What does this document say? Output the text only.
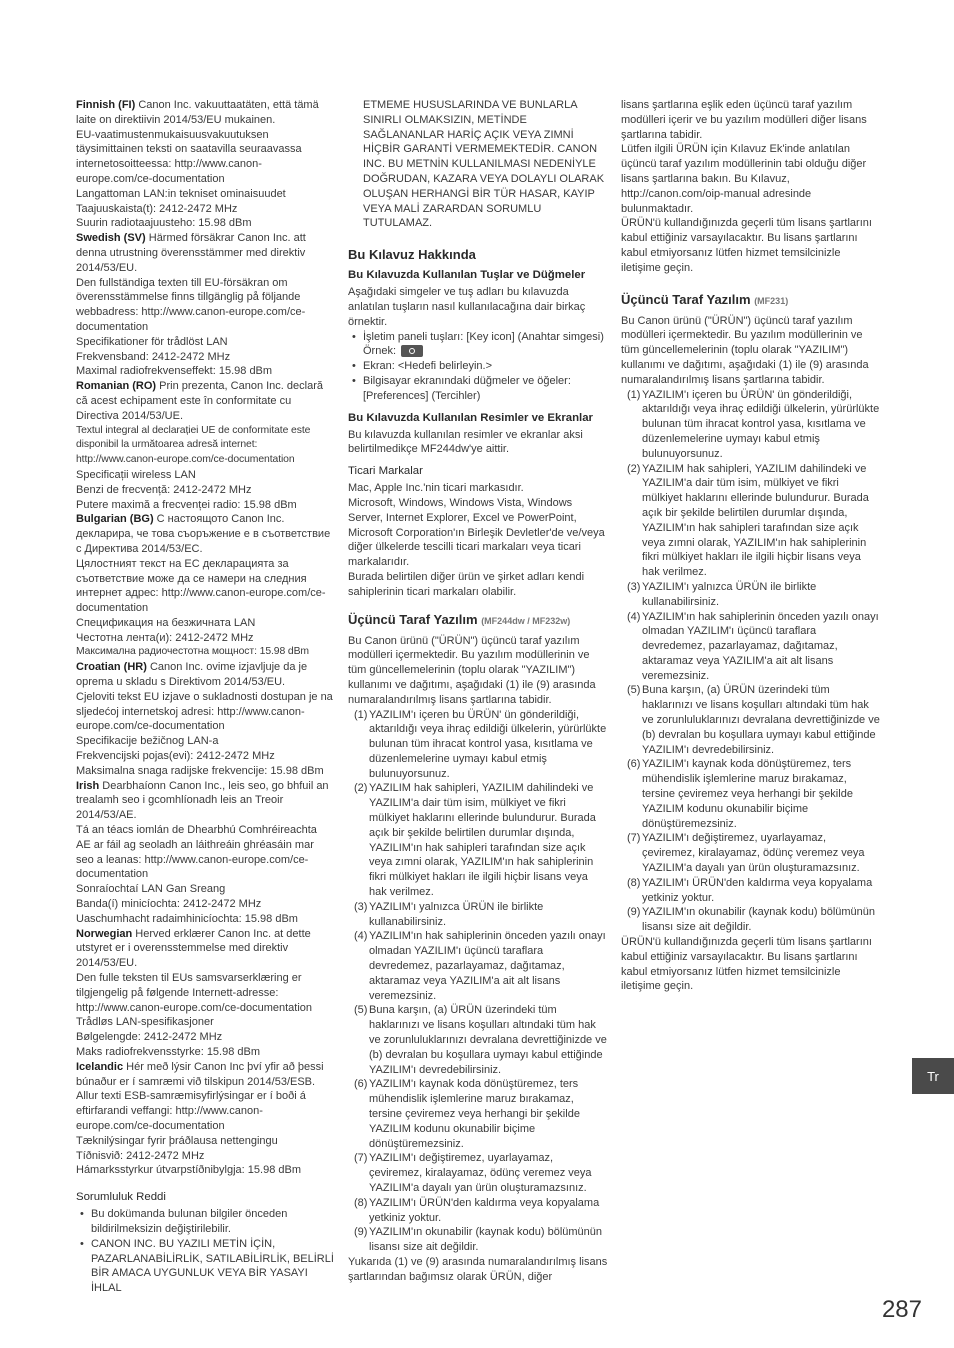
Finnish (FI) Canon Inc. vakuuttaatäten, että tämä laite on direktiivin 2014/53/EU mukainen.

EU-vaatimustenmukaisuusvakuutuksen täysimittainen teksti on saatavilla seuraavassa internetosoitteessa: http://www.canon-europe.com/ce-documentation

Langattoman LAN:in tekniset ominaisuudet

Taajuuskaista(t): 2412-2472 MHz

Suurin radiotaajuusteho: 15.98 dBm

Swedish (SV) Härmed försäkrar Canon Inc. att denna utrustning överensstämmer med direktiv 2014/53/EU.

Den fullständiga texten till EU-försäkran om överensstämmelse finns tillgänglig på följande webbadress: http://www.canon-europe.com/ce-documentation

Specifikationer för trådlöst LAN

Frekvensband: 2412-2472 MHz

Maximal radiofrekvenseffekt: 15.98 dBm

Romanian (RO) Prin prezenta, Canon Inc. declară că acest echipament este în conformitate cu Directiva 2014/53/UE.

Textul integral al declarației UE de conformitate este disponibil la următoarea adresă internet: http://www.canon-europe.com/ce-documentation

Specificații wireless LAN

Benzi de frecvență: 2412-2472 MHz

Putere maximă a frecvenței radio: 15.98 dBm

Bulgarian (BG) С настоящото Canon Inc. декларира, че това съоръжение е в съответствие с Директива 2014/53/ЕС.

Цялостният текст на ЕС декларацията за съответствие може да се намери на следния интернет адрес: http://www.canon-europe.com/ce-documentation

Спецификация на безжичната LAN

Честотна лента(и): 2412-2472 MHz

Максимална радиочестотна мощност: 15.98 dBm

Croatian (HR) Canon Inc. ovime izjavljuje da je oprema u skladu s Direktivom 2014/53/EU.

Cjeloviti tekst EU izjave o sukladnosti dostupan je na sljedećoj internetskoj adresi: http://www.canon-europe.com/ce-documentation

Specifikacije bežičnog LAN-a

Frekvencijski pojas(evi): 2412-2472 MHz

Maksimalna snaga radijske frekvencije: 15.98 dBm

Irish Dearbhaíonn Canon Inc., leis seo, go bhfuil an trealamh seo i gcomhlíonadh leis an Treoir 2014/53/AE.

Tá an téacs iomlán de Dhearbhú Comhréireachta AE ar fáil ag seoladh an láithreáin ghréasáin mar seo a leanas: http://www.canon-europe.com/ce-documentation

Sonraíochtaí LAN Gan Sreang

Banda(í) minicíochta: 2412-2472 MHz

Uaschumhacht radaimhinicíochta: 15.98 dBm

Norwegian Herved erklærer Canon Inc. at dette utstyret er i overensstemmelse med direktiv 2014/53/EU.

Den fulle teksten til EUs samsvarserklæring er tilgjengelig på følgende Internett-adresse: http://www.canon-europe.com/ce-documentation

Trådløs LAN-spesifikasjoner

Bølgelengde: 2412-2472 MHz

Maks radiofrekvensstyrke: 15.98 dBm

Icelandic Hér með lýsir Canon Inc því yfir að þessi búnaður er í samræmi við tilskipun 2014/53/ESB.

Allur texti ESB-samræmisyfirlýsingar er í boði á eftirfarandi veffangi: http://www.canon-europe.com/ce-documentation

Tæknilýsingar fyrir þráðlausa nettengingu

Tíðnisvið: 2412-2472 MHz

Hámarksstyrkur útvarpstíðnibylgja: 15.98 dBm

Sorumluluk Reddi
• Bu dokümanda bulunan bilgiler önceden bildirilmeksizin değiştirilebilir.
• CANON INC. BU YAZILI METİN İÇİN, PAZARLANABİLİRLİK, SATILABİLİRLİK, BELİRLİ BİR AMACA UYGUNLUK VEYA BİR YASAYI İHLAL

ETMEME HUSUSLARINDA VE BUNLARLA SINIRLI OLMAKSIZIN, METİNDE SAĞLANANLAR HARİÇ AÇIK VEYA ZIMNİ HİÇBİR GARANTİ VERMEMEKTEDİR. CANON INC. BU METNİN KULLANILMASI NEDENİYLE DOĞRUDAN, KAZARA VEYA DOLAYLI OLARAK OLUŞAN HERHANGİ BİR TÜR HASAR, KAYIP VEYA MALİ ZARARDAN SORUMLU TUTULAMAZ.

Bu Kılavuz Hakkında
Bu Kılavuzda Kullanılan Tuşlar ve Düğmeler

Aşağıdaki simgeler ve tuş adları bu kılavuzda anlatılan tuşların nasıl kullanılacağına dair birkaç örnektir.

• İşletim paneli tuşları: [Key icon] (Anahtar simgesi)
Örnek:
• Ekran: <Hedefi belirleyin.>
• Bilgisayar ekranındaki düğmeler ve öğeler: [Preferences] (Tercihler)
Bu Kılavuzda Kullanılan Resimler ve Ekranlar

Bu kılavuzda kullanılan resimler ve ekranlar aksi belirtilmedikçe MF244dw'ye aittir.

Ticari Markalar

Mac, Apple Inc.'nin ticari markasıdır.

Microsoft, Windows, Windows Vista, Windows Server, Internet Explorer, Excel ve PowerPoint, Microsoft Corporation'ın Birleşik Devletler'de ve/veya diğer ülkelerde tescilli ticari markaları veya ticari markalarıdır.

Burada belirtilen diğer ürün ve şirket adları kendi sahiplerinin ticari markaları olabilir.

Üçüncü Taraf Yazılım (MF244dw / MF232w)

Bu Canon ürünü ("ÜRÜN") üçüncü taraf yazılım modülleri içermektedir. Bu yazılım modüllerinin ve tüm güncellemelerinin (toplu olarak "YAZILIM") kullanımı ve dağıtımı, aşağıdaki (1) ile (9) arasında numaralandırılmış lisans şartlarına tabidir.

(1) YAZILIM'ı içeren bu ÜRÜN' ün gönderildiği, aktarıldığı veya ihraç edildiği ülkelerin, yürürlükte bulunan tüm ihracat kontrol yasa, kısıtlama ve düzenlemelerine uymayı kabul etmiş bulunuyorsunuz.
(2) YAZILIM hak sahipleri, YAZILIM dahilindeki ve YAZILIM'a dair tüm isim, mülkiyet ve fikri mülkiyet haklarını ellerinde bulundurur. Burada açık bir şekilde belirtilen durumlar dışında, YAZILIM'ın hak sahipleri tarafından size açık veya zımni olarak, YAZILIM'ın hak sahiplerinin fikri mülkiyet hakları ile ilgili hiçbir lisans veya hak verilmez.
(3) YAZILIM'ı yalnızca ÜRÜN ile birlikte kullanabilirsiniz.
(4) YAZILIM'ın hak sahiplerinin önceden yazılı onayı olmadan YAZILIM'ı üçüncü taraflara devredemez, pazarlayamaz, dağıtamaz, aktaramaz veya YAZILIM'a ait alt lisans veremezsiniz.
(5) Buna karşın, (a) ÜRÜN üzerindeki tüm haklarınızı ve lisans koşulları altındaki tüm hak ve zorunluluklarınızı devralana devrettiğinizde ve (b) devralan bu koşullara uymayı kabul ettiğinde YAZILIM'ı devredebilirsiniz.
(6) YAZILIM'ı kaynak koda dönüştüremez, ters mühendislik işlemlerine maruz bırakamaz, tersine çeviremez veya herhangi bir şekilde YAZILIM kodunu okunabilir biçime dönüştüremezsiniz.
(7) YAZILIM'ı değiştiremez, uyarlayamaz, çeviremez, kiralayamaz, ödünç veremez veya YAZILIM'a dayalı yan ürün oluşturamazsınız.
(8) YAZILIM'ı ÜRÜN'den kaldırma veya kopyalama yetkiniz yoktur.
(9) YAZILIM'ın okunabilir (kaynak kodu) bölümünün lisansı size ait değildir.

Yukarıda (1) ve (9) arasında numaralandırılmış lisans şartlarından bağımsız olarak ÜRÜN, diğer

lisans şartlarına eşlik eden üçüncü taraf yazılım modülleri içerir ve bu yazılım modülleri diğer lisans şartlarına tabidir.

Lütfen ilgili ÜRÜN için Kılavuz Ek'inde anlatılan üçüncü taraf yazılım modüllerinin tabi olduğu diğer lisans şartlarına bakın. Bu Kılavuz, http://canon.com/oip-manual adresinde bulunmaktadır.

ÜRÜN'ü kullandığınızda geçerli tüm lisans şartlarını kabul ettiğiniz varsayılacaktır. Bu lisans şartlarını kabul etmiyorsanız lütfen hizmet temsilcinizle iletişime geçin.

Üçüncü Taraf Yazılım (MF231)

Bu Canon ürünü ("ÜRÜN") üçüncü taraf yazılım modülleri içermektedir. Bu yazılım modüllerinin ve tüm güncellemelerinin (toplu olarak "YAZILIM") kullanımı ve dağıtımı, aşağıdaki (1) ile (9) arasında numaralandırılmış lisans şartlarına tabidir.

(1) YAZILIM'ı içeren bu ÜRÜN' ün gönderildiği, aktarıldığı veya ihraç edildiği ülkelerin, yürürlükte bulunan tüm ihracat kontrol yasa, kısıtlama ve düzenlemelerine uymayı kabul etmiş bulunuyorsunuz.
(2) YAZILIM hak sahipleri, YAZILIM dahilindeki ve YAZILIM'a dair tüm isim, mülkiyet ve fikri mülkiyet haklarını ellerinde bulundurur. Burada açık bir şekilde belirtilen durumlar dışında, YAZILIM'ın hak sahipleri tarafından size açık veya zımni olarak, YAZILIM'ın hak sahiplerinin fikri mülkiyet hakları ile ilgili hiçbir lisans veya hak verilmez.
(3) YAZILIM'ı yalnızca ÜRÜN ile birlikte kullanabilirsiniz.
(4) YAZILIM'ın hak sahiplerinin önceden yazılı onayı olmadan YAZILIM'ı üçüncü taraflara devredemez, pazarlayamaz, dağıtamaz, aktaramaz veya YAZILIM'a ait alt lisans veremezsiniz.
(5) Buna karşın, (a) ÜRÜN üzerindeki tüm haklarınızı ve lisans koşulları altındaki tüm hak ve zorunluluklarınızı devralana devrettiğinizde ve (b) devralan bu koşullara uymayı kabul ettiğinde YAZILIM'ı devredebilirsiniz.
(6) YAZILIM'ı kaynak koda dönüştüremez, ters mühendislik işlemlerine maruz bırakamaz, tersine çeviremez veya herhangi bir şekilde YAZILIM kodunu okunabilir biçime dönüştüremezsiniz.
(7) YAZILIM'ı değiştiremez, uyarlayamaz, çeviremez, kiralayamaz, ödünç veremez veya YAZILIM'a dayalı yan ürün oluşturamazsınız.
(8) YAZILIM'ı ÜRÜN'den kaldırma veya kopyalama yetkiniz yoktur.
(9) YAZILIM'ın okunabilir (kaynak kodu) bölümünün lisansı size ait değildir.

ÜRÜN'ü kullandığınızda geçerli tüm lisans şartlarını kabul ettiğiniz varsayılacaktır. Bu lisans şartlarını kabul etmiyorsanız lütfen hizmet temsilcinizle iletişime geçin.

Tr
287
